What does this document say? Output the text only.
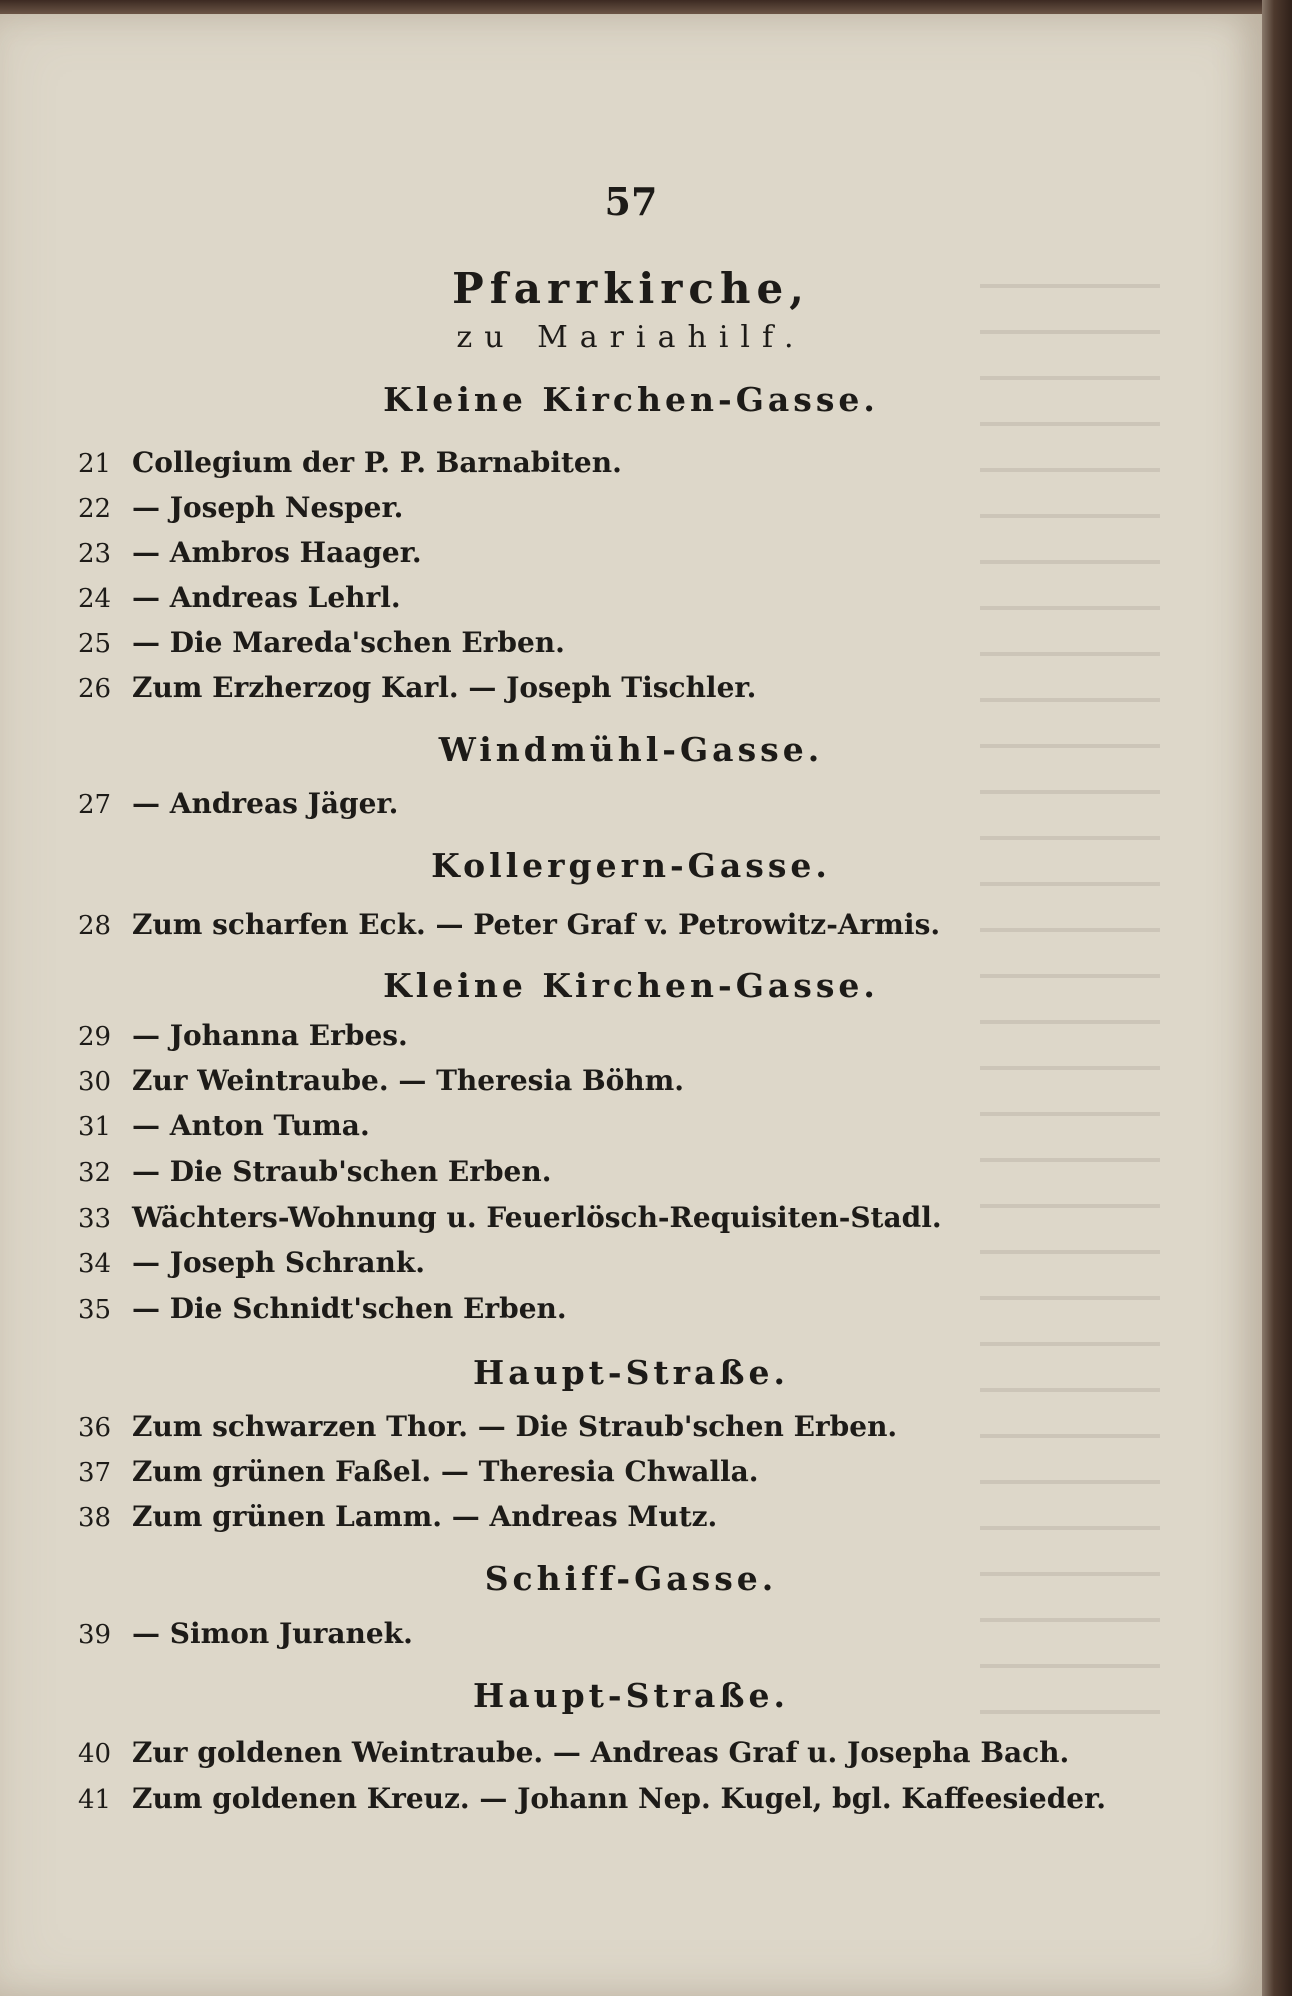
57
Pfarrkirche,
zu Mariahilf.
Kleine Kirchen-Gasse.
21 Collegium der P. P. Barnabiten.
22 — Joseph Nesper.
23 — Ambros Haager.
24 — Andreas Lehrl.
25 — Die Mareda'schen Erben.
26 Zum Erzherzog Karl. — Joseph Tischler.
Windmühl-Gasse.
27 — Andreas Jäger.
Kollergern-Gasse.
28 Zum scharfen Eck. — Peter Graf v. Petrowitz-Armis.
Kleine Kirchen-Gasse.
29 — Johanna Erbes.
30 Zur Weintraube. — Theresia Böhm.
31 — Anton Tuma.
32 — Die Straub'schen Erben.
33 Wächters-Wohnung u. Feuerlösch-Requisiten-Stadl.
34 — Joseph Schrank.
35 — Die Schnidt'schen Erben.
Haupt-Straße.
36 Zum schwarzen Thor. — Die Straub'schen Erben.
37 Zum grünen Faßel. — Theresia Chwalla.
38 Zum grünen Lamm. — Andreas Mutz.
Schiff-Gasse.
39 — Simon Juranek.
Haupt-Straße.
40 Zur goldenen Weintraube. — Andreas Graf u. Josepha Bach.
41 Zum goldenen Kreuz. — Johann Nep. Kugel, bgl. Kaffeesieder.
